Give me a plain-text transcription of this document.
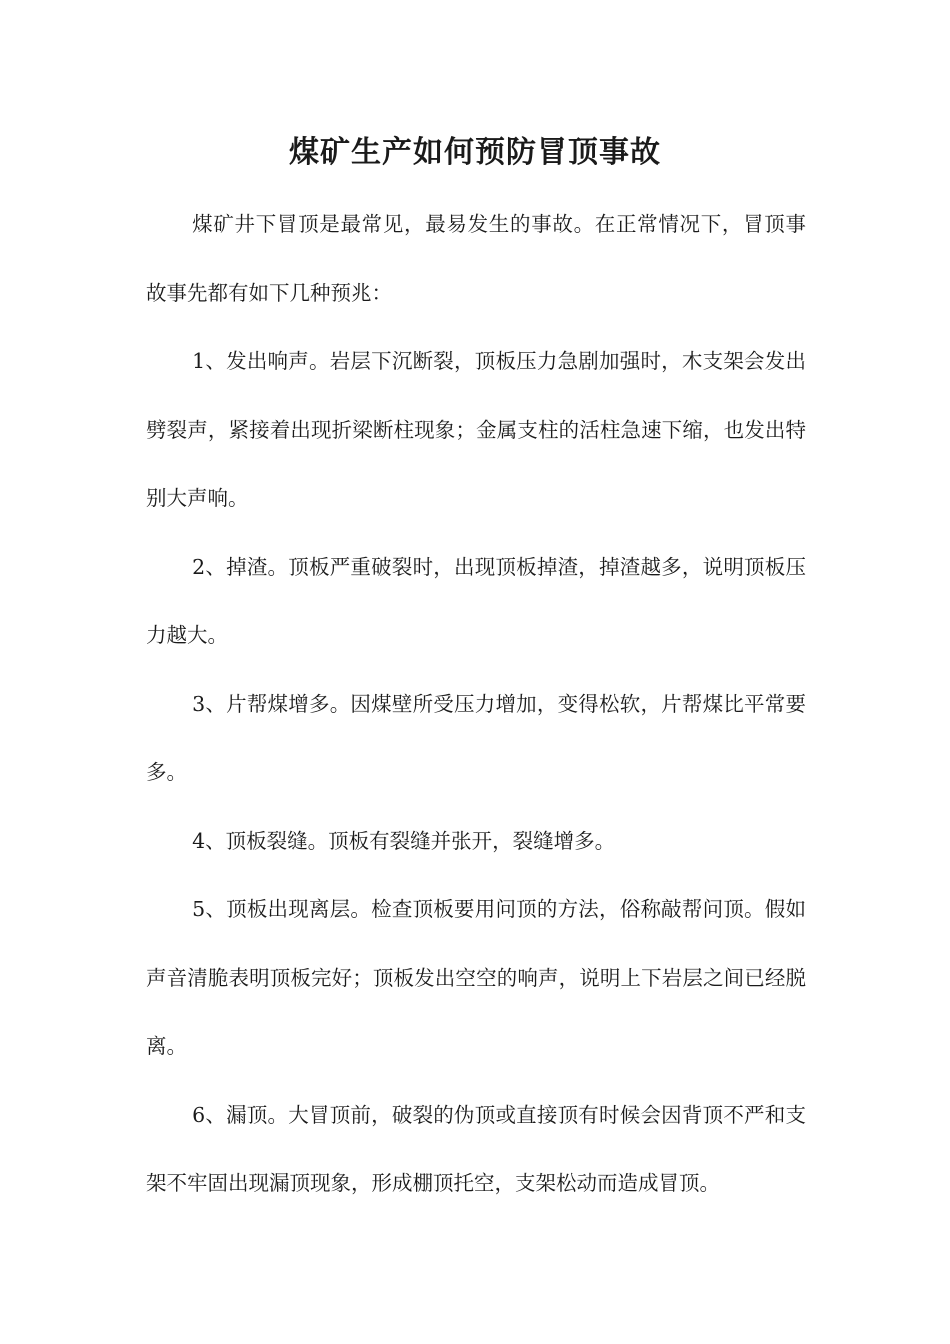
煤矿生产如何预防冒顶事故

煤矿井下冒顶是最常见，最易发生的事故。在正常情况下，冒顶事故事先都有如下几种预兆：

1、发出响声。岩层下沉断裂，顶板压力急剧加强时，木支架会发出劈裂声，紧接着出现折梁断柱现象；金属支柱的活柱急速下缩，也发出特别大声响。

2、掉渣。顶板严重破裂时，出现顶板掉渣，掉渣越多，说明顶板压力越大。

3、片帮煤增多。因煤壁所受压力增加，变得松软，片帮煤比平常要多。

4、顶板裂缝。顶板有裂缝并张开，裂缝增多。

5、顶板出现离层。检查顶板要用问顶的方法，俗称敲帮问顶。假如声音清脆表明顶板完好；顶板发出空空的响声，说明上下岩层之间已经脱离。

6、漏顶。大冒顶前，破裂的伪顶或直接顶有时候会因背顶不严和支架不牢固出现漏顶现象，形成棚顶托空，支架松动而造成冒顶。
